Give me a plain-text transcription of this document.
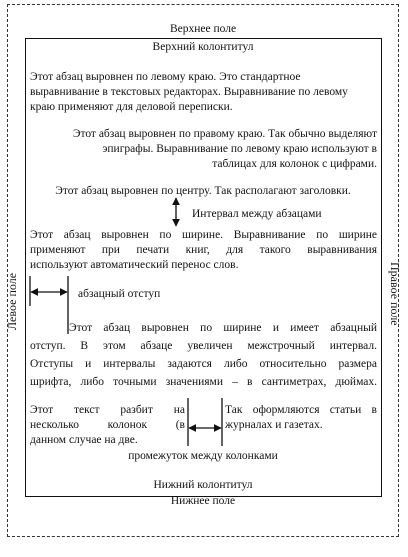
Верхнее поле
Нижнее поле
Левое поле	Правое поле
Верхний колонтитул
Нижний колонтитул
Этот абзац выровнен по левому краю. Это стандартное
выравнивание в текстовых редакторах. Выравнивание по левому
краю применяют для деловой переписки.
Этот абзац выровнен по правому краю. Так обычно выделяют
эпиграфы. Выравнивание по левому краю используют в
таблицах для колонок с цифрами.
Этот абзац выровнен по центру. Так располагают заголовки.
Интервал между абзацами
Этот абзац выровнен по ширине. Выравнивание по ширине
применяют при печати книг, для такого выравнивания
используют автоматический перенос слов.
абзацный отступ
Этот абзац выровнен по ширине и имеет абзацный
отступ. В этом абзаце увеличен межстрочный интервал.
Отступы и интервалы задаются либо относительно размера
шрифта, либо точными значениями – в сантиметрах, дюймах.
Этот текст разбит на
несколько колонок (в
данном случае на две.
Так оформляются статьи в
журналах и газетах.
промежуток между колонками
